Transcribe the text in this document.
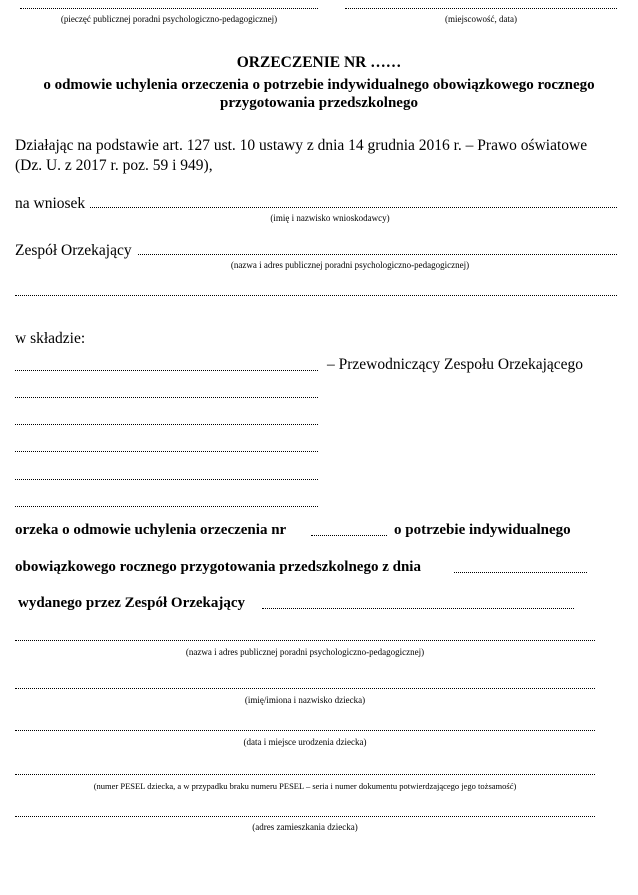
(pieczęć publicznej poradni psychologiczno-pedagogicznej)	(miejscowość, data)
ORZECZENIE NR ……
o odmowie uchylenia orzeczenia o potrzebie indywidualnego obowiązkowego rocznego
przygotowania przedszkolnego
Działając na podstawie art. 127 ust. 10 ustawy z dnia 14 grudnia 2016 r. – Prawo oświatowe
(Dz. U. z 2017 r. poz. 59 i 949),
na wniosek
(imię i nazwisko wnioskodawcy)
Zespół Orzekający
(nazwa i adres publicznej poradni psychologiczno-pedagogicznej)
w składzie:
– Przewodniczący Zespołu Orzekającego
orzeka o odmowie uchylenia orzeczenia nr	o potrzebie indywidualnego
obowiązkowego rocznego przygotowania przedszkolnego z dnia
wydanego przez Zespół Orzekający
(nazwa i adres publicznej poradni psychologiczno-pedagogicznej)
(imię/imiona i nazwisko dziecka)
(data i miejsce urodzenia dziecka)
(numer PESEL dziecka, a w przypadku braku numeru PESEL – seria i numer dokumentu potwierdzającego jego tożsamość)
(adres zamieszkania dziecka)
